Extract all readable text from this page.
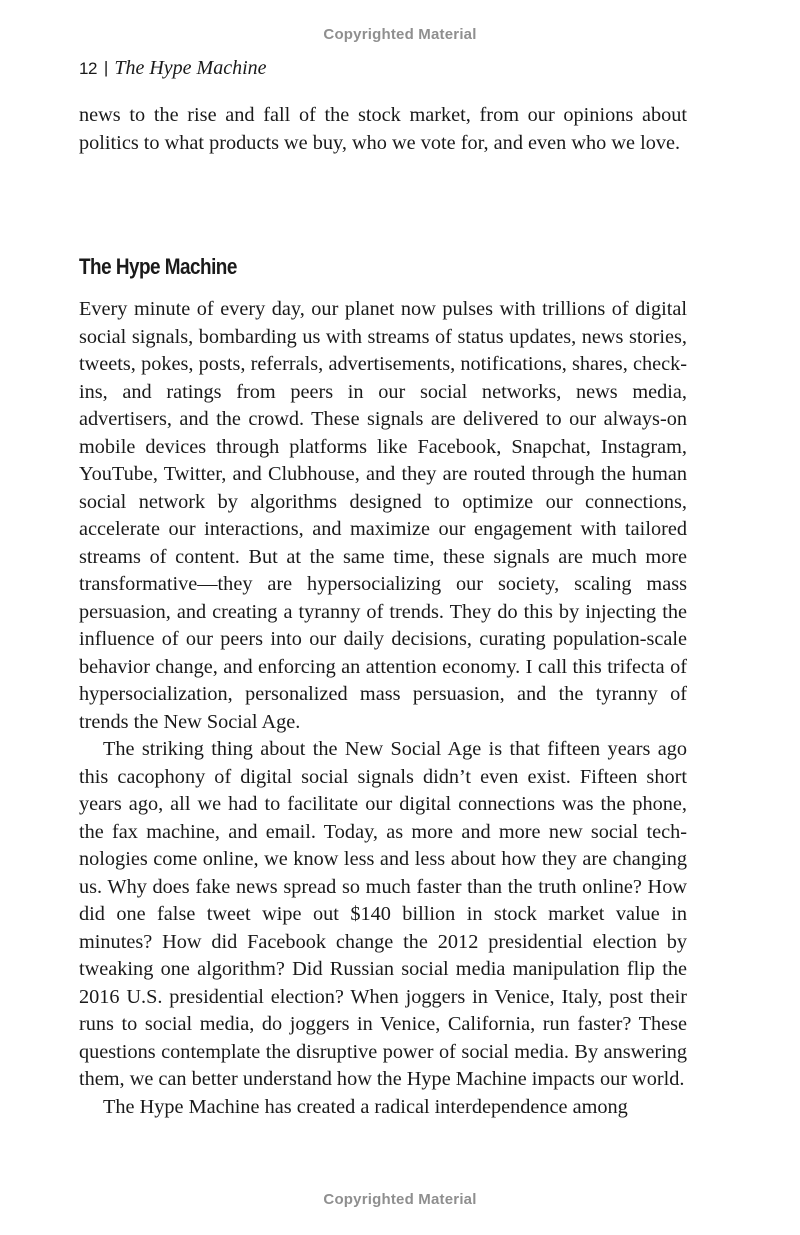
Copyrighted Material
12 | The Hype Machine

news to the rise and fall of the stock market, from our opinions about politics to what products we buy, who we vote for, and even who we love.

The Hype Machine

Every minute of every day, our planet now pulses with trillions of digital social signals, bombarding us with streams of status updates, news stories, tweets, pokes, posts, referrals, advertisements, notifications, shares, check-ins, and ratings from peers in our social networks, news media, advertisers, and the crowd. These signals are delivered to our always-on mobile devices through platforms like Facebook, Snapchat, Instagram, YouTube, Twitter, and Clubhouse, and they are routed through the human social network by algorithms designed to optimize our connections, accelerate our interactions, and maximize our engagement with tailored streams of content. But at the same time, these signals are much more transformative—they are hypersocializing our society, scaling mass persuasion, and creating a tyranny of trends. They do this by injecting the influence of our peers into our daily decisions, curating population-scale behavior change, and enforcing an attention economy. I call this trifecta of hypersocialization, personalized mass persuasion, and the tyranny of trends the New Social Age.

The striking thing about the New Social Age is that fifteen years ago this cacophony of digital social signals didn’t even exist. Fifteen short years ago, all we had to facilitate our digital connections was the phone, the fax machine, and email. Today, as more and more new social technologies come online, we know less and less about how they are changing us. Why does fake news spread so much faster than the truth online? How did one false tweet wipe out $140 billion in stock market value in minutes? How did Facebook change the 2012 presidential election by tweaking one algorithm? Did Russian social media manipulation flip the 2016 U.S. presidential election? When joggers in Venice, Italy, post their runs to social media, do joggers in Venice, California, run faster? These questions contemplate the disruptive power of social media. By answering them, we can better understand how the Hype Machine impacts our world.

The Hype Machine has created a radical interdependence among

Copyrighted Material
